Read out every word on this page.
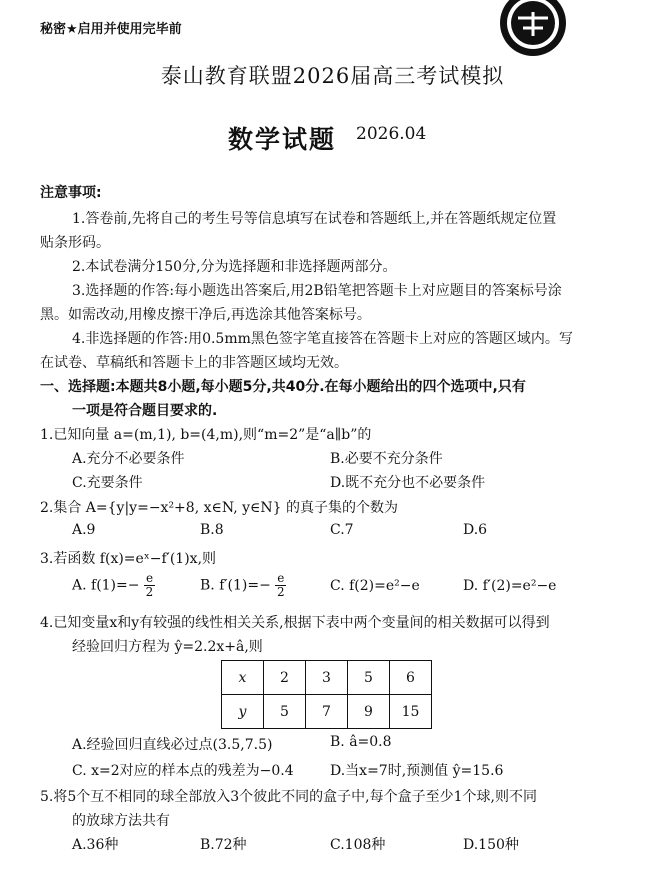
秘密★启用并使用完毕前
泰山教育联盟2026届高三考试模拟
数学试题 2026.04
注意事项:
1.答卷前,先将自己的考生号等信息填写在试卷和答题纸上,并在答题纸规定位置
贴条形码。
2.本试卷满分150分,分为选择题和非选择题两部分。
3.选择题的作答:每小题选出答案后,用2B铅笔把答题卡上对应题目的答案标号涂
黑。如需改动,用橡皮擦干净后,再选涂其他答案标号。
4.非选择题的作答:用0.5mm黑色签字笔直接答在答题卡上对应的答题区域内。写
在试卷、草稿纸和答题卡上的非答题区域均无效。
一、选择题:本题共8小题,每小题5分,共40分.在每小题给出的四个选项中,只有
一项是符合题目要求的.
1.已知向量 a=(m,1), b=(4,m),则“m=2”是“a∥b”的
A.充分不必要条件	B.必要不充分条件
C.充要条件	D.既不充分也不必要条件
2.集合 A={y|y=−x²+8, x∈N, y∈N} 的真子集的个数为
A.9	B.8	C.7	D.6
3.若函数 f(x)=eˣ−f′(1)x,则
A. $f(1)=- \frac{e}{2}$	B. $f'(1)=- \frac{e}{2}$	C. f(2)=e²−e	D. f′(2)=e²−e
4.已知变量x和y有较强的线性相关关系,根据下表中两个变量间的相关数据可以得到
经验回归方程为 ŷ=2.2x+â,则
x	2	3	5	6
y	5	7	9	15
A.经验回归直线必过点(3.5,7.5)	B. â=0.8
C. x=2对应的样本点的残差为−0.4	D.当x=7时,预测值 ŷ=15.6
5.将5个互不相同的球全部放入3个彼此不同的盒子中,每个盒子至少1个球,则不同
的放球方法共有
A.36种	B.72种	C.108种	D.150种
